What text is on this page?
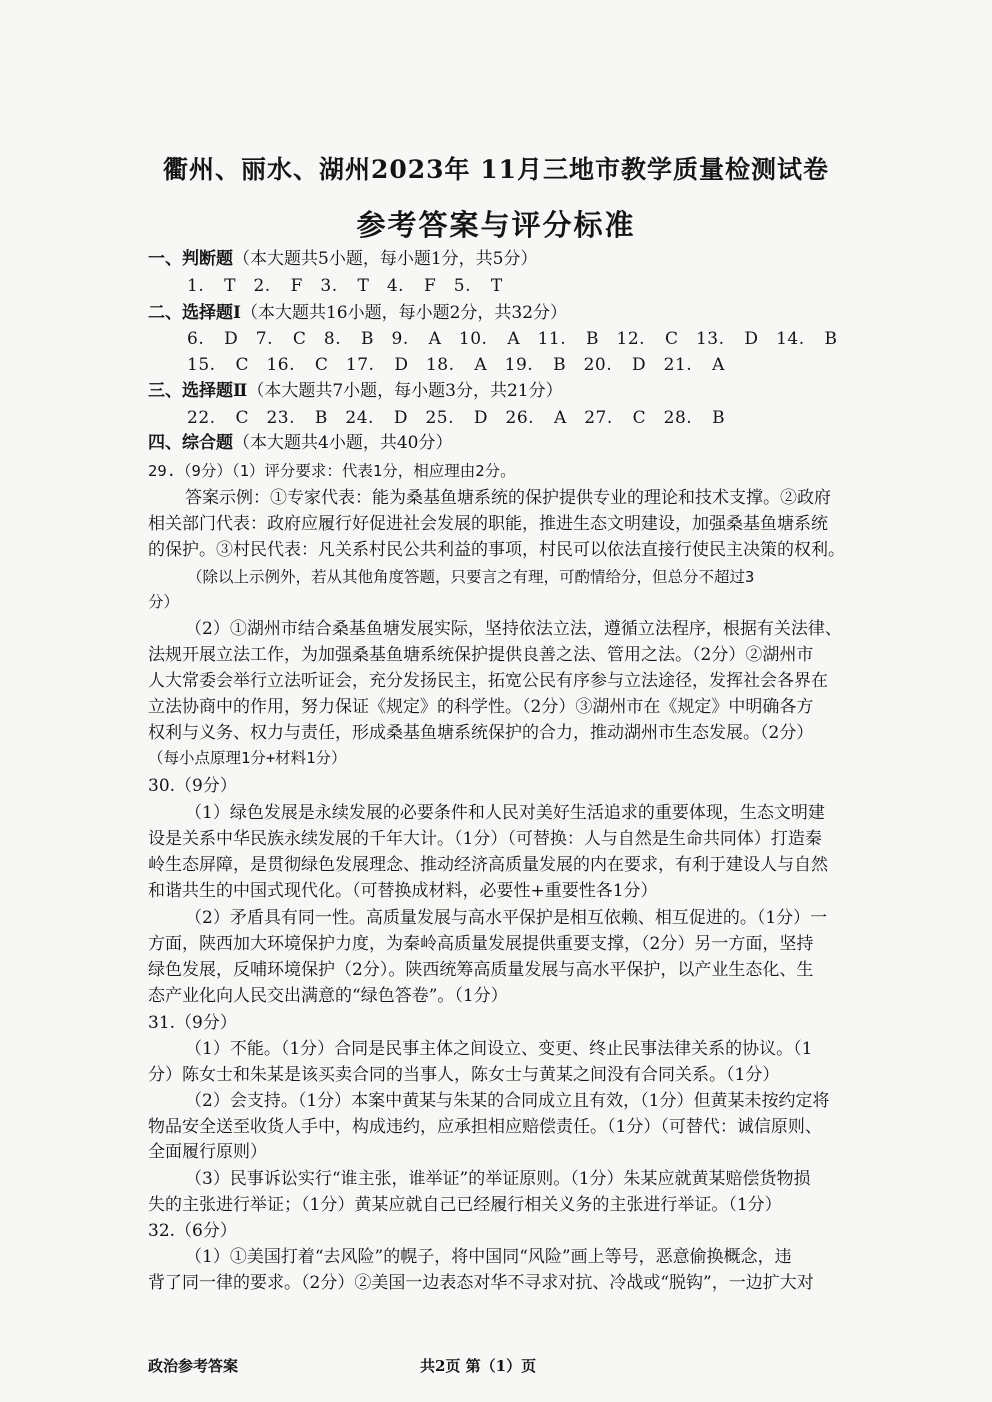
衢州、丽水、湖州2023年 11月三地市教学质量检测试卷
参考答案与评分标准
一、判断题（本大题共5小题，每小题1分，共5分）
1. T　2. F　3. T　4. F　5. T
二、选择题Ⅰ（本大题共16小题，每小题2分，共32分）
6. D　7. C　8. B　9. A　10. A　11. B　12. C　13. D　14. B
15. C　16. C　17. D　18. A　19. B　20. D　21. A
三、选择题Ⅱ（本大题共7小题，每小题3分，共21分）
22. C　23. B　24. D　25. D　26. A　27. C　28. B
四、综合题（本大题共4小题，共40分）
29.（9分）（1）评分要求：代表1分，相应理由2分。
答案示例：①专家代表：能为桑基鱼塘系统的保护提供专业的理论和技术支撑。②政府
相关部门代表：政府应履行好促进社会发展的职能，推进生态文明建设，加强桑基鱼塘系统
的保护。③村民代表：凡关系村民公共利益的事项，村民可以依法直接行使民主决策的权利。
（除以上示例外，若从其他角度答题，只要言之有理，可酌情给分，但总分不超过3
分）
（2）①湖州市结合桑基鱼塘发展实际，坚持依法立法，遵循立法程序，根据有关法律、
法规开展立法工作，为加强桑基鱼塘系统保护提供良善之法、管用之法。（2分）②湖州市
人大常委会举行立法听证会，充分发扬民主，拓宽公民有序参与立法途径，发挥社会各界在
立法协商中的作用，努力保证《规定》的科学性。（2分）③湖州市在《规定》中明确各方
权利与义务、权力与责任，形成桑基鱼塘系统保护的合力，推动湖州市生态发展。（2分）
（每小点原理1分+材料1分）
30.（9分）
（1）绿色发展是永续发展的必要条件和人民对美好生活追求的重要体现，生态文明建
设是关系中华民族永续发展的千年大计。（1分）（可替换：人与自然是生命共同体）打造秦
岭生态屏障，是贯彻绿色发展理念、推动经济高质量发展的内在要求，有利于建设人与自然
和谐共生的中国式现代化。（可替换成材料，必要性+重要性各1分）
（2）矛盾具有同一性。高质量发展与高水平保护是相互依赖、相互促进的。（1分）一
方面，陕西加大环境保护力度，为秦岭高质量发展提供重要支撑，（2分）另一方面，坚持
绿色发展，反哺环境保护（2分）。陕西统筹高质量发展与高水平保护，以产业生态化、生
态产业化向人民交出满意的“绿色答卷”。（1分）
31.（9分）
（1）不能。（1分）合同是民事主体之间设立、变更、终止民事法律关系的协议。（1
分）陈女士和朱某是该买卖合同的当事人，陈女士与黄某之间没有合同关系。（1分）
（2）会支持。（1分）本案中黄某与朱某的合同成立且有效，（1分）但黄某未按约定将
物品安全送至收货人手中，构成违约，应承担相应赔偿责任。（1分）（可替代：诚信原则、
全面履行原则）
（3）民事诉讼实行“谁主张，谁举证”的举证原则。（1分）朱某应就黄某赔偿货物损
失的主张进行举证；（1分）黄某应就自己已经履行相关义务的主张进行举证。（1分）
32.（6分）
（1）①美国打着“去风险”的幌子，将中国同“风险”画上等号，恶意偷换概念，违
背了同一律的要求。（2分）②美国一边表态对华不寻求对抗、冷战或“脱钩”，一边扩大对
政治参考答案	共2页 第（1）页
